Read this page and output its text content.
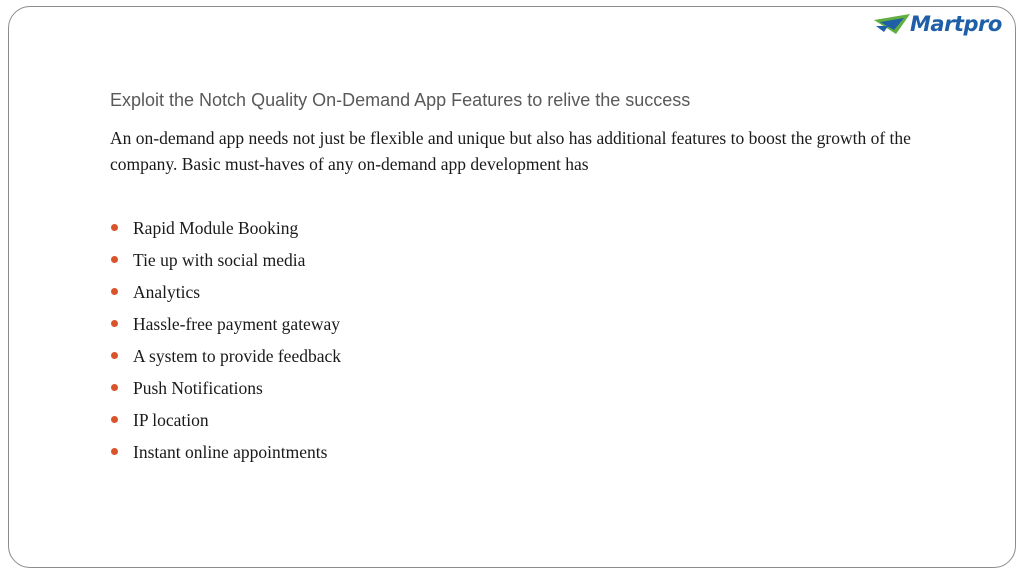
Martpro
Exploit the Notch Quality On-Demand App Features to relive the success
An on-demand app needs not just be flexible and unique but also has additional features to boost the growth of the company. Basic must-haves of any on-demand app development has
Rapid Module Booking
Tie up with social media
Analytics
Hassle-free payment gateway
A system to provide feedback
Push Notifications
IP location
Instant online appointments
